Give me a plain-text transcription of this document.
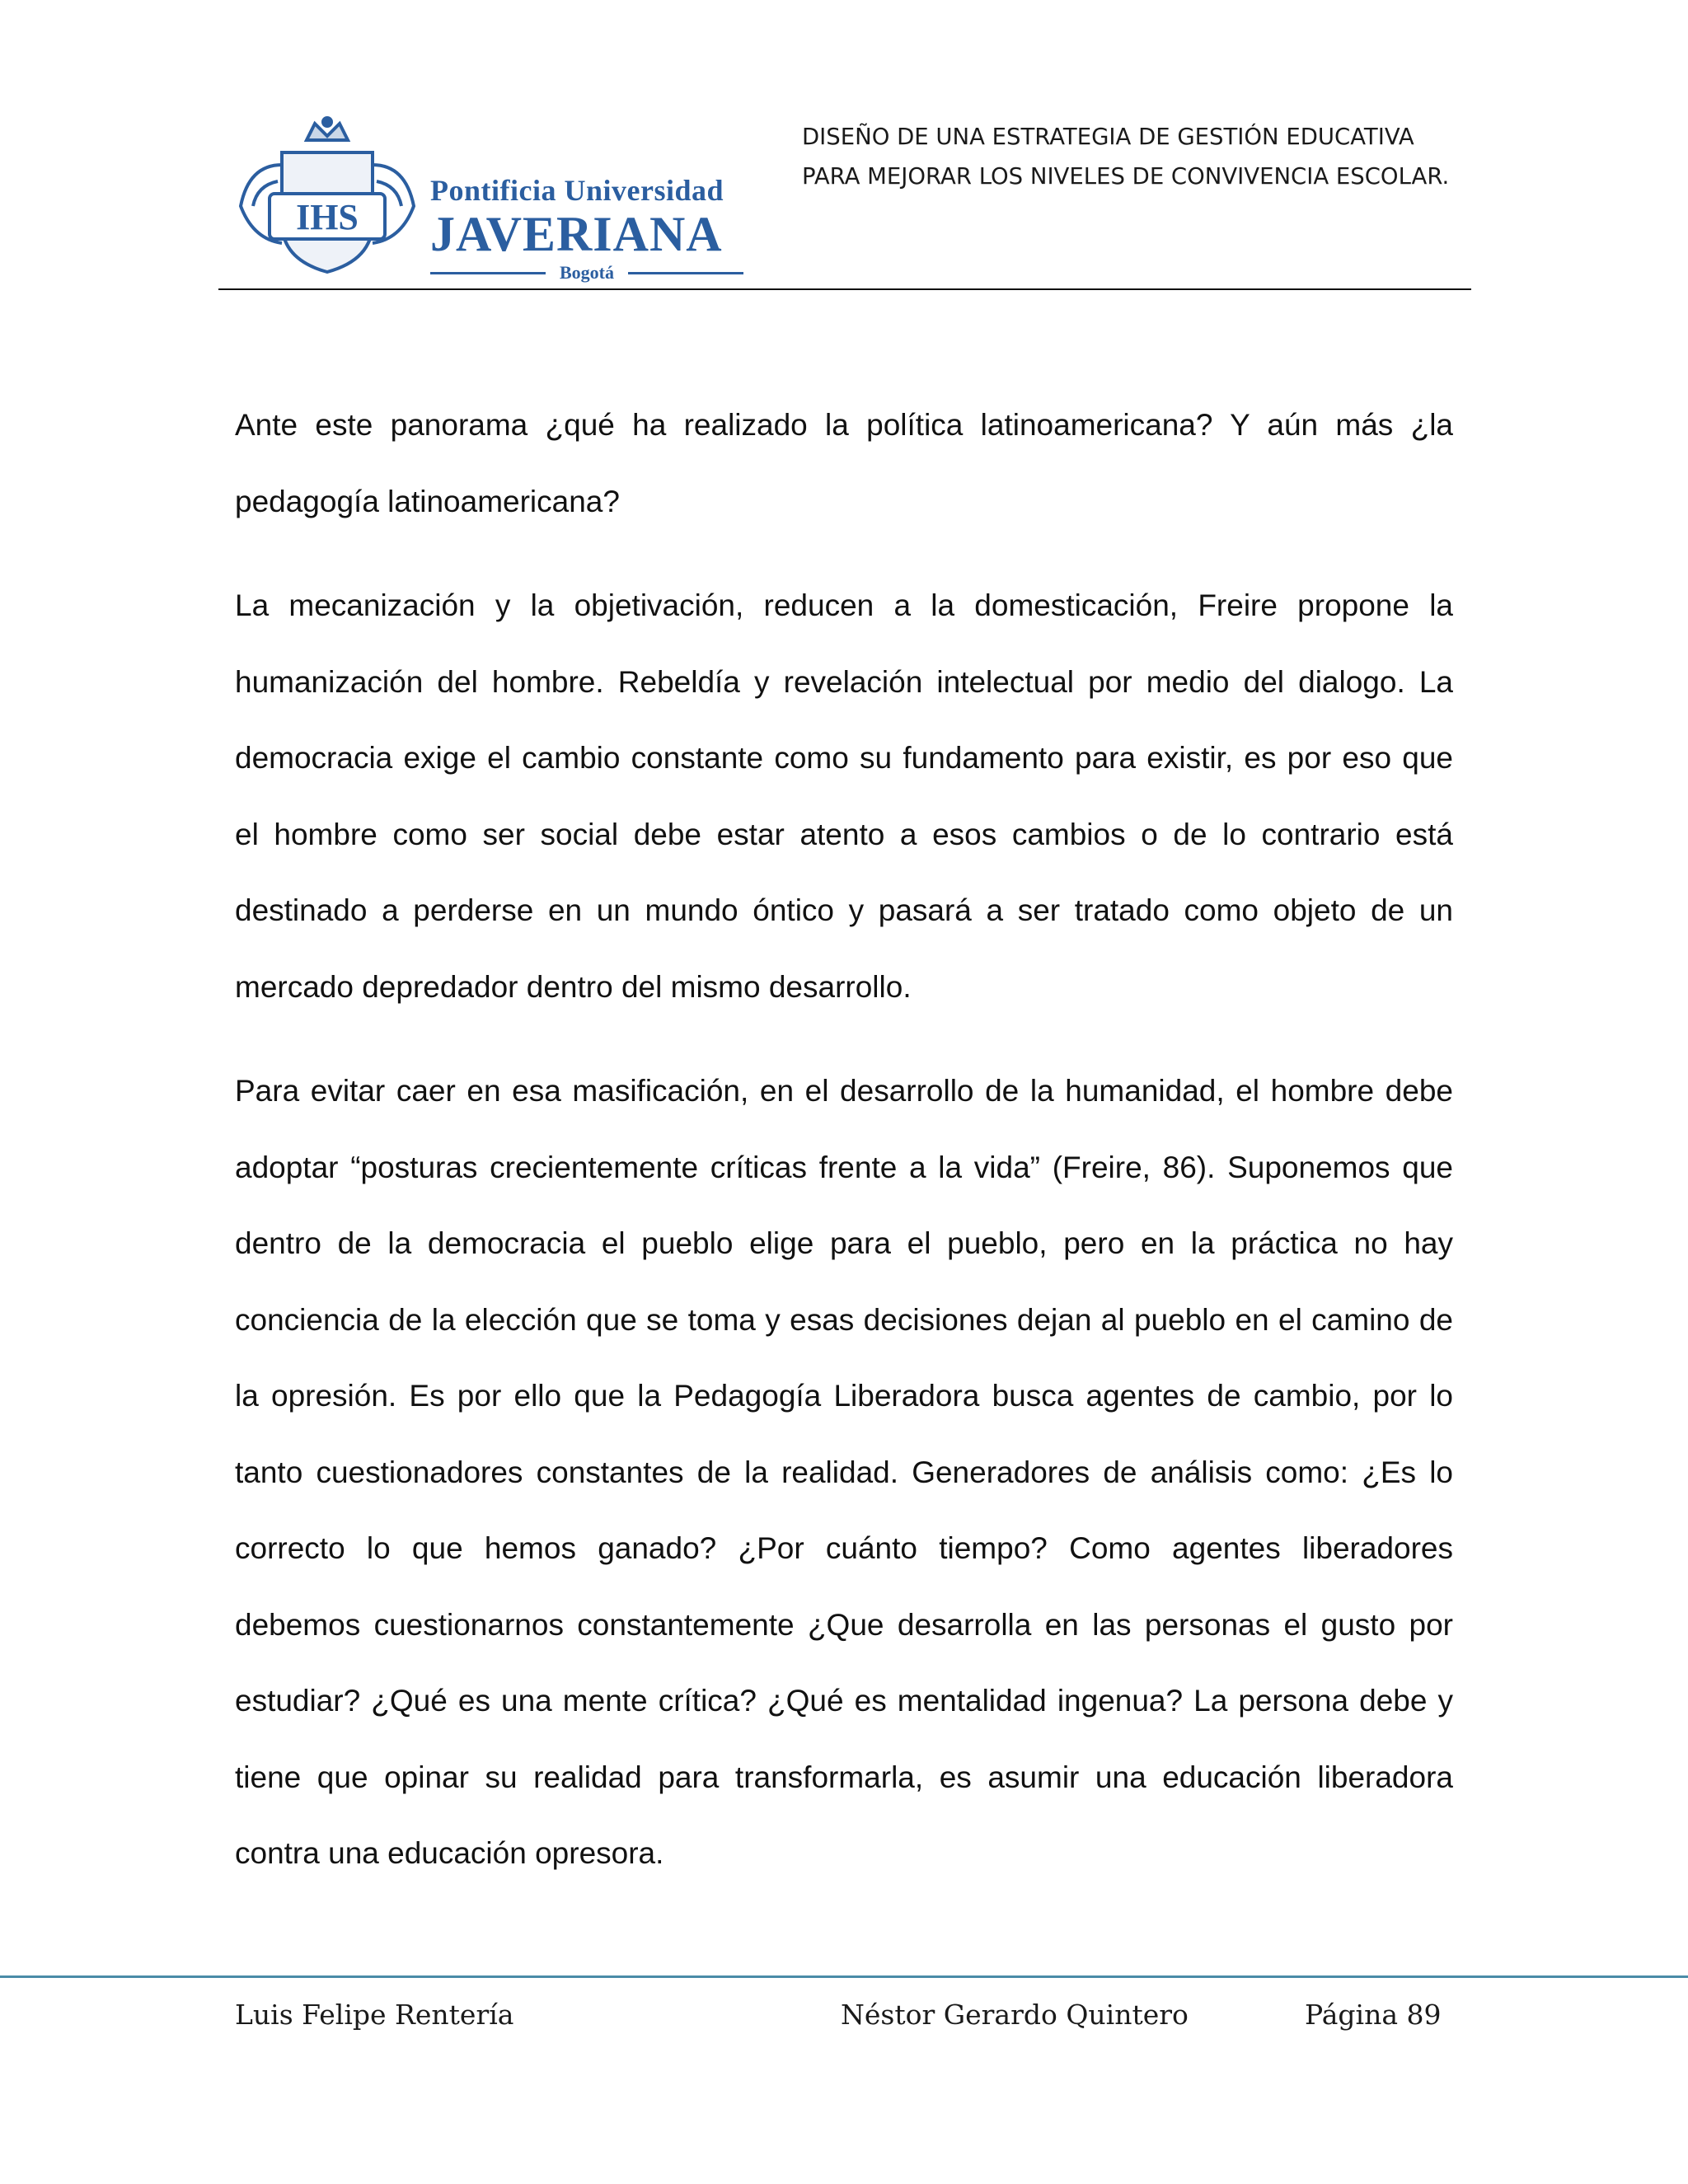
IHS
Pontificia Universidad
JAVERIANA
Bogotá
DISEÑO DE UNA ESTRATEGIA DE GESTIÓN EDUCATIVA
PARA MEJORAR LOS NIVELES DE CONVIVENCIA ESCOLAR.

Ante este panorama ¿qué ha realizado la política latinoamericana? Y aún más ¿la pedagogía latinoamericana?

La mecanización y la objetivación, reducen a la domesticación, Freire propone la humanización del hombre. Rebeldía y revelación intelectual por medio del dialogo. La democracia exige el cambio constante como su fundamento para existir, es por eso que el hombre como ser social debe estar atento a esos cambios o de lo contrario está destinado a perderse en un mundo óntico y pasará a ser tratado como objeto de un mercado depredador dentro del mismo desarrollo.

Para evitar caer en esa masificación, en el desarrollo de la humanidad, el hombre debe adoptar “posturas crecientemente críticas frente a la vida” (Freire, 86). Suponemos que dentro de la democracia el pueblo elige para el pueblo, pero en la práctica no hay conciencia de la elección que se toma y esas decisiones dejan al pueblo en el camino de la opresión. Es por ello que la Pedagogía Liberadora busca agentes de cambio, por lo tanto cuestionadores constantes de la realidad. Generadores de análisis como: ¿Es lo correcto lo que hemos ganado? ¿Por cuánto tiempo? Como agentes liberadores debemos cuestionarnos constantemente ¿Que desarrolla en las personas el gusto por estudiar? ¿Qué es una mente crítica? ¿Qué es mentalidad ingenua? La persona debe y tiene que opinar su realidad para transformarla, es asumir una educación liberadora contra una educación opresora.

Luis Felipe Rentería	Néstor Gerardo Quintero	Página 89
